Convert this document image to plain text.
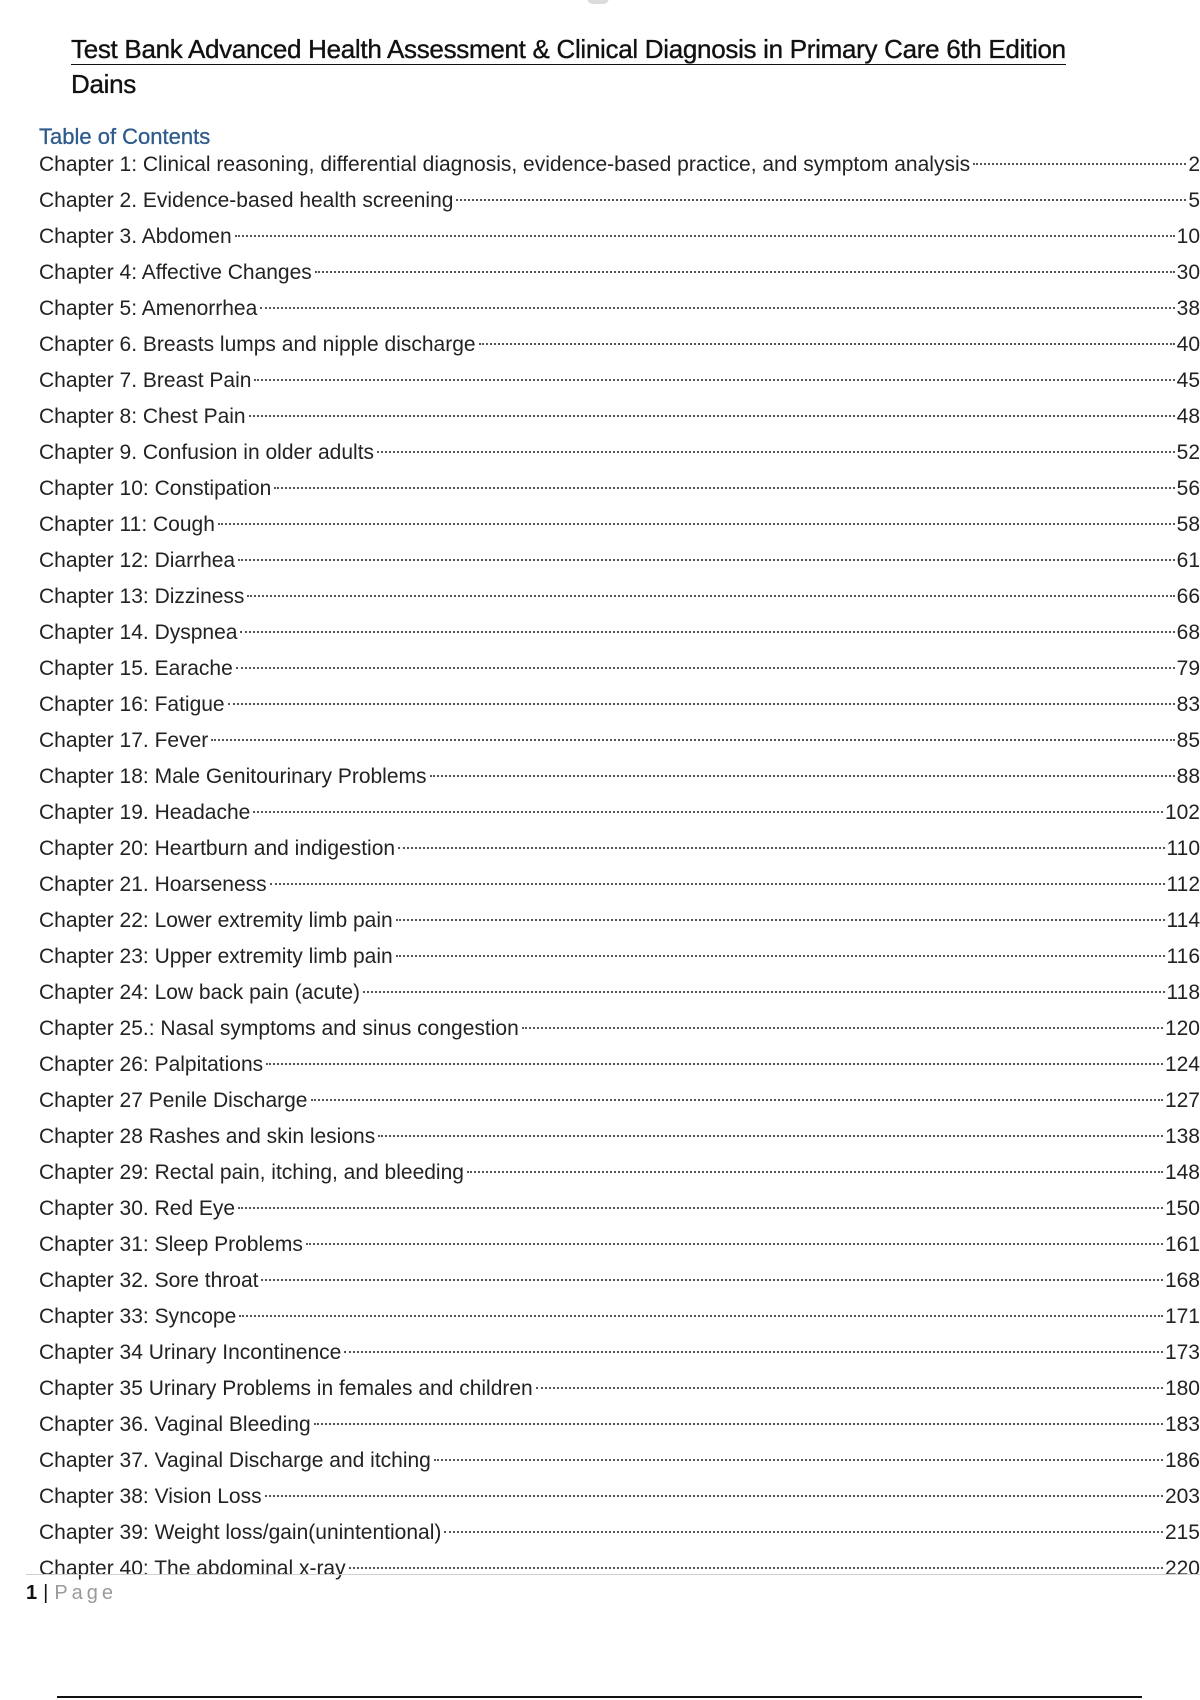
Test Bank Advanced Health Assessment & Clinical Diagnosis in Primary Care 6th Edition
Dains
Table of Contents
Chapter 1: Clinical reasoning, differential diagnosis, evidence-based practice, and symptom analysis	2
Chapter 2. Evidence-based health screening	5
Chapter 3. Abdomen	10
Chapter 4: Affective Changes	30
Chapter 5: Amenorrhea	38
Chapter 6. Breasts lumps and nipple discharge	40
Chapter 7. Breast Pain	45
Chapter 8: Chest Pain	48
Chapter 9. Confusion in older adults	52
Chapter 10: Constipation	56
Chapter 11: Cough	58
Chapter 12: Diarrhea	61
Chapter 13: Dizziness	66
Chapter 14. Dyspnea	68
Chapter 15. Earache	79
Chapter 16: Fatigue	83
Chapter 17. Fever	85
Chapter 18: Male Genitourinary Problems	88
Chapter 19. Headache	102
Chapter 20: Heartburn and indigestion	110
Chapter 21. Hoarseness	112
Chapter 22: Lower extremity limb pain	114
Chapter 23: Upper extremity limb pain	116
Chapter 24: Low back pain (acute)	118
Chapter 25.: Nasal symptoms and sinus congestion	120
Chapter 26: Palpitations	124
Chapter 27 Penile Discharge	127
Chapter 28 Rashes and skin lesions	138
Chapter 29: Rectal pain, itching, and bleeding	148
Chapter 30. Red Eye	150
Chapter 31: Sleep Problems	161
Chapter 32. Sore throat	168
Chapter 33: Syncope	171
Chapter 34 Urinary Incontinence	173
Chapter 35 Urinary Problems in females and children	180
Chapter 36. Vaginal Bleeding	183
Chapter 37. Vaginal Discharge and itching	186
Chapter 38: Vision Loss	203
Chapter 39: Weight loss/gain(unintentional)	215
Chapter 40: The abdominal x-ray	220
1 | Page
